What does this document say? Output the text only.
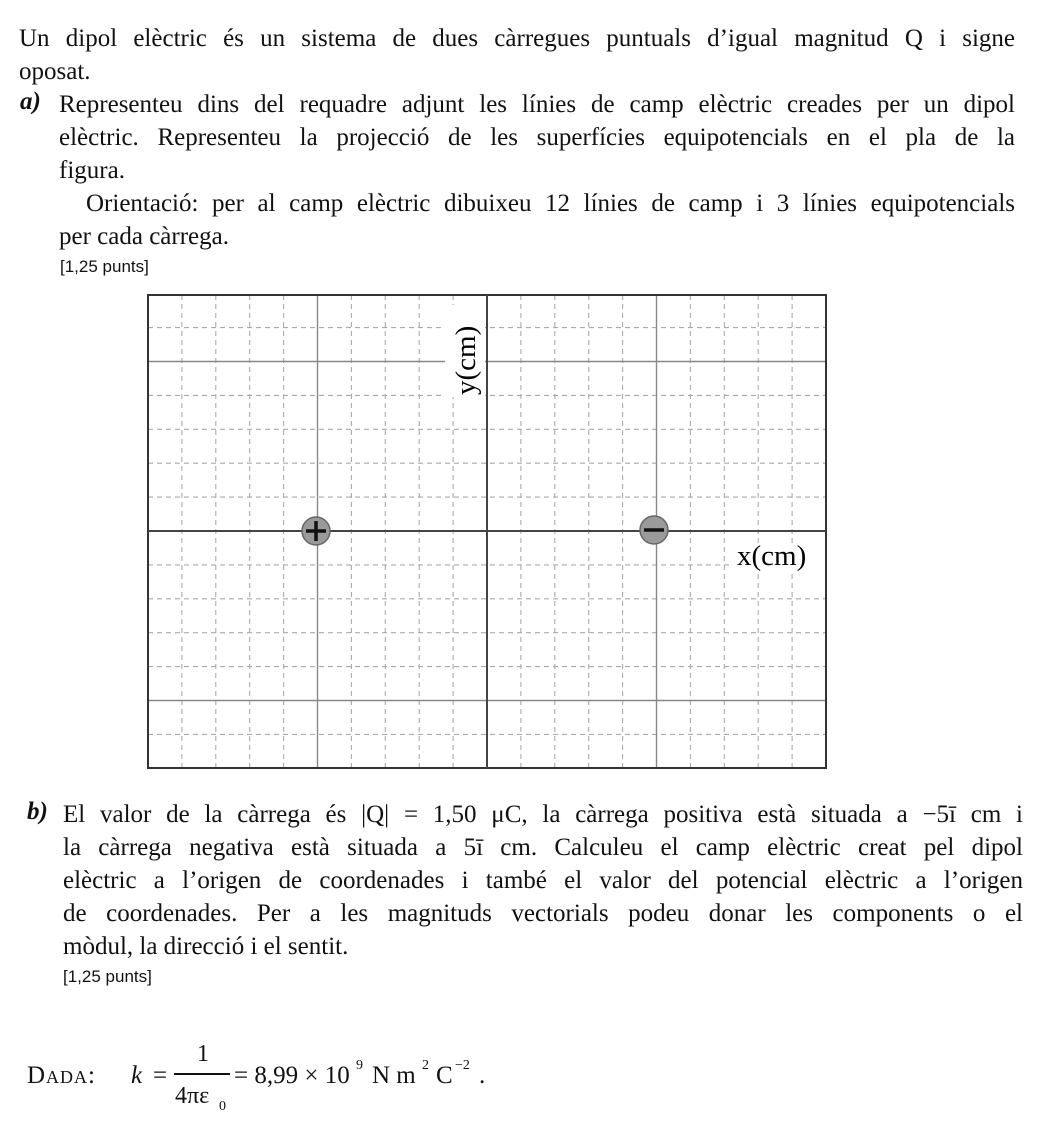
Un dipol elèctric és un sistema de dues càrregues puntuals d’igual magnitud Q i signe
oposat.
a) Representeu dins del requadre adjunt les línies de camp elèctric creades per un dipol
elèctric. Representeu la projecció de les superfícies equipotencials en el pla de la
figura.
Orientació: per al camp elèctric dibuixeu 12 línies de camp i 3 línies equipotencials
per cada càrrega.
[1,25 punts]
y(cm)
x(cm)
b) El valor de la càrrega és |Q| = 1,50 μC, la càrrega positiva està situada a −5ī cm i
la càrrega negativa està situada a 5ī cm. Calculeu el camp elèctric creat pel dipol
elèctric a l’origen de coordenades i també el valor del potencial elèctric a l’origen
de coordenades. Per a les magnituds vectorials podeu donar les components o el
mòdul, la direcció i el sentit.
[1,25 punts]
Dada: k =
1
4πε 0
= 8,99 × 10 9 N m 2 C −2 .
